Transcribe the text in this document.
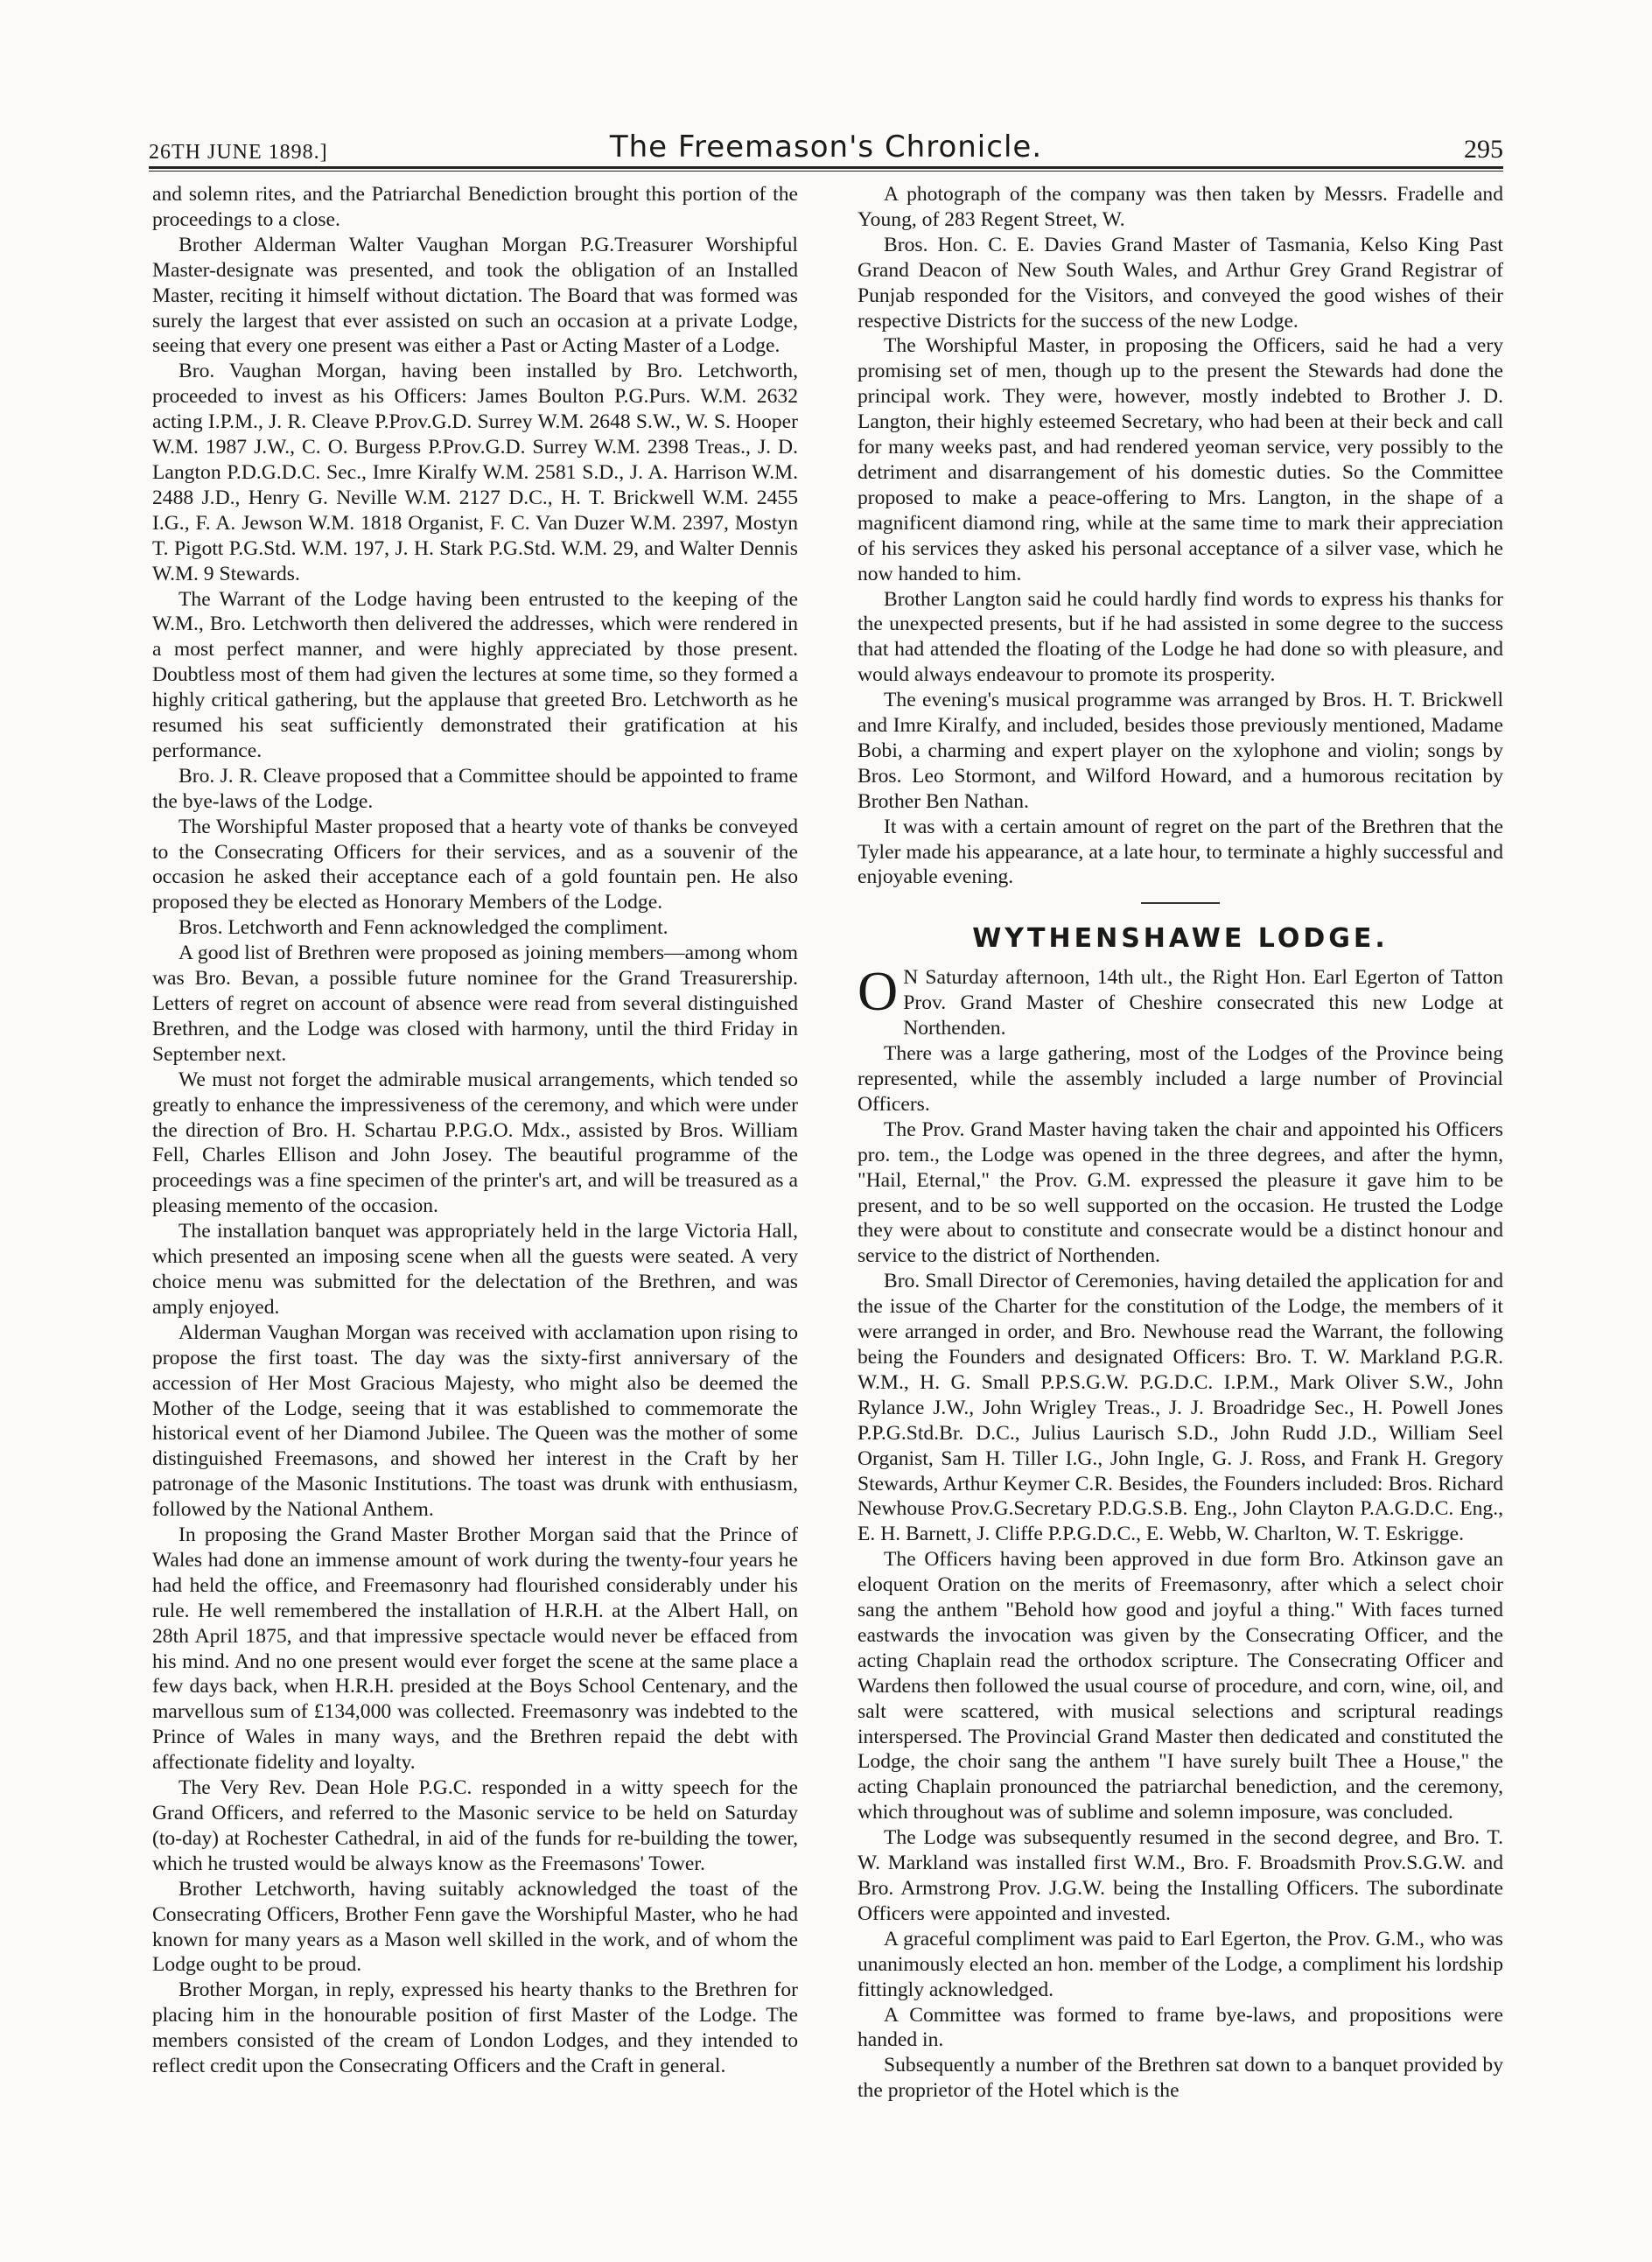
26TH JUNE 1898.]	The Freemason's Chronicle.	295

and solemn rites, and the Patriarchal Benediction brought this portion of the proceedings to a close.

Brother Alderman Walter Vaughan Morgan P.G.Treasurer Worshipful Master-designate was presented, and took the obligation of an Installed Master, reciting it himself without dictation. The Board that was formed was surely the largest that ever assisted on such an occasion at a private Lodge, seeing that every one present was either a Past or Acting Master of a Lodge.

Bro. Vaughan Morgan, having been installed by Bro. Letchworth, proceeded to invest as his Officers: James Boulton P.G.Purs. W.M. 2632 acting I.P.M., J. R. Cleave P.Prov.G.D. Surrey W.M. 2648 S.W., W. S. Hooper W.M. 1987 J.W., C. O. Burgess P.Prov.G.D. Surrey W.M. 2398 Treas., J. D. Langton P.D.G.D.C. Sec., Imre Kiralfy W.M. 2581 S.D., J. A. Harrison W.M. 2488 J.D., Henry G. Neville W.M. 2127 D.C., H. T. Brickwell W.M. 2455 I.G., F. A. Jewson W.M. 1818 Organist, F. C. Van Duzer W.M. 2397, Mostyn T. Pigott P.G.Std. W.M. 197, J. H. Stark P.G.Std. W.M. 29, and Walter Dennis W.M. 9 Stewards.

The Warrant of the Lodge having been entrusted to the keeping of the W.M., Bro. Letchworth then delivered the addresses, which were rendered in a most perfect manner, and were highly appreciated by those present. Doubtless most of them had given the lectures at some time, so they formed a highly critical gathering, but the applause that greeted Bro. Letchworth as he resumed his seat sufficiently demonstrated their gratification at his performance.

Bro. J. R. Cleave proposed that a Committee should be appointed to frame the bye-laws of the Lodge.

The Worshipful Master proposed that a hearty vote of thanks be conveyed to the Consecrating Officers for their services, and as a souvenir of the occasion he asked their acceptance each of a gold fountain pen. He also proposed they be elected as Honorary Members of the Lodge.

Bros. Letchworth and Fenn acknowledged the compliment.

A good list of Brethren were proposed as joining members—among whom was Bro. Bevan, a possible future nominee for the Grand Treasurership. Letters of regret on account of absence were read from several distinguished Brethren, and the Lodge was closed with harmony, until the third Friday in September next.

We must not forget the admirable musical arrangements, which tended so greatly to enhance the impressiveness of the ceremony, and which were under the direction of Bro. H. Schartau P.P.G.O. Mdx., assisted by Bros. William Fell, Charles Ellison and John Josey. The beautiful programme of the proceedings was a fine specimen of the printer's art, and will be treasured as a pleasing memento of the occasion.

The installation banquet was appropriately held in the large Victoria Hall, which presented an imposing scene when all the guests were seated. A very choice menu was submitted for the delectation of the Brethren, and was amply enjoyed.

Alderman Vaughan Morgan was received with acclamation upon rising to propose the first toast. The day was the sixty-first anniversary of the accession of Her Most Gracious Majesty, who might also be deemed the Mother of the Lodge, seeing that it was established to commemorate the historical event of her Diamond Jubilee. The Queen was the mother of some distinguished Freemasons, and showed her interest in the Craft by her patronage of the Masonic Institutions. The toast was drunk with enthusiasm, followed by the National Anthem.

In proposing the Grand Master Brother Morgan said that the Prince of Wales had done an immense amount of work during the twenty-four years he had held the office, and Freemasonry had flourished considerably under his rule. He well remembered the installation of H.R.H. at the Albert Hall, on 28th April 1875, and that impressive spectacle would never be effaced from his mind. And no one present would ever forget the scene at the same place a few days back, when H.R.H. presided at the Boys School Centenary, and the marvellous sum of £134,000 was collected. Freemasonry was indebted to the Prince of Wales in many ways, and the Brethren repaid the debt with affectionate fidelity and loyalty.

The Very Rev. Dean Hole P.G.C. responded in a witty speech for the Grand Officers, and referred to the Masonic service to be held on Saturday (to-day) at Rochester Cathedral, in aid of the funds for re-building the tower, which he trusted would be always know as the Freemasons' Tower.

Brother Letchworth, having suitably acknowledged the toast of the Consecrating Officers, Brother Fenn gave the Worshipful Master, who he had known for many years as a Mason well skilled in the work, and of whom the Lodge ought to be proud.

Brother Morgan, in reply, expressed his hearty thanks to the Brethren for placing him in the honourable position of first Master of the Lodge. The members consisted of the cream of London Lodges, and they intended to reflect credit upon the Consecrating Officers and the Craft in general.

A photograph of the company was then taken by Messrs. Fradelle and Young, of 283 Regent Street, W.

Bros. Hon. C. E. Davies Grand Master of Tasmania, Kelso King Past Grand Deacon of New South Wales, and Arthur Grey Grand Registrar of Punjab responded for the Visitors, and conveyed the good wishes of their respective Districts for the success of the new Lodge.

The Worshipful Master, in proposing the Officers, said he had a very promising set of men, though up to the present the Stewards had done the principal work. They were, however, mostly indebted to Brother J. D. Langton, their highly esteemed Secretary, who had been at their beck and call for many weeks past, and had rendered yeoman service, very possibly to the detriment and disarrangement of his domestic duties. So the Committee proposed to make a peace-offering to Mrs. Langton, in the shape of a magnificent diamond ring, while at the same time to mark their appreciation of his services they asked his personal acceptance of a silver vase, which he now handed to him.

Brother Langton said he could hardly find words to express his thanks for the unexpected presents, but if he had assisted in some degree to the success that had attended the floating of the Lodge he had done so with pleasure, and would always endeavour to promote its prosperity.

The evening's musical programme was arranged by Bros. H. T. Brickwell and Imre Kiralfy, and included, besides those previously mentioned, Madame Bobi, a charming and expert player on the xylophone and violin; songs by Bros. Leo Stormont, and Wilford Howard, and a humorous recitation by Brother Ben Nathan.

It was with a certain amount of regret on the part of the Brethren that the Tyler made his appearance, at a late hour, to terminate a highly successful and enjoyable evening.

WYTHENSHAWE LODGE.

O N Saturday afternoon, 14th ult., the Right Hon. Earl Egerton of Tatton Prov. Grand Master of Cheshire consecrated this new Lodge at Northenden.

There was a large gathering, most of the Lodges of the Province being represented, while the assembly included a large number of Provincial Officers.

The Prov. Grand Master having taken the chair and appointed his Officers pro. tem., the Lodge was opened in the three degrees, and after the hymn, "Hail, Eternal," the Prov. G.M. expressed the pleasure it gave him to be present, and to be so well supported on the occasion. He trusted the Lodge they were about to constitute and consecrate would be a distinct honour and service to the district of Northenden.

Bro. Small Director of Ceremonies, having detailed the application for and the issue of the Charter for the constitution of the Lodge, the members of it were arranged in order, and Bro. Newhouse read the Warrant, the following being the Founders and designated Officers: Bro. T. W. Markland P.G.R. W.M., H. G. Small P.P.S.G.W. P.G.D.C. I.P.M., Mark Oliver S.W., John Rylance J.W., John Wrigley Treas., J. J. Broadridge Sec., H. Powell Jones P.P.G.Std.Br. D.C., Julius Laurisch S.D., John Rudd J.D., William Seel Organist, Sam H. Tiller I.G., John Ingle, G. J. Ross, and Frank H. Gregory Stewards, Arthur Keymer C.R. Besides, the Founders included: Bros. Richard Newhouse Prov.G.Secretary P.D.G.S.B. Eng., John Clayton P.A.G.D.C. Eng., E. H. Barnett, J. Cliffe P.P.G.D.C., E. Webb, W. Charlton, W. T. Eskrigge.

The Officers having been approved in due form Bro. Atkinson gave an eloquent Oration on the merits of Freemasonry, after which a select choir sang the anthem "Behold how good and joyful a thing." With faces turned eastwards the invocation was given by the Consecrating Officer, and the acting Chaplain read the orthodox scripture. The Consecrating Officer and Wardens then followed the usual course of procedure, and corn, wine, oil, and salt were scattered, with musical selections and scriptural readings interspersed. The Provincial Grand Master then dedicated and constituted the Lodge, the choir sang the anthem "I have surely built Thee a House," the acting Chaplain pronounced the patriarchal benediction, and the ceremony, which throughout was of sublime and solemn imposure, was concluded.

The Lodge was subsequently resumed in the second degree, and Bro. T. W. Markland was installed first W.M., Bro. F. Broadsmith Prov.S.G.W. and Bro. Armstrong Prov. J.G.W. being the Installing Officers. The subordinate Officers were appointed and invested.

A graceful compliment was paid to Earl Egerton, the Prov. G.M., who was unanimously elected an hon. member of the Lodge, a compliment his lordship fittingly acknowledged.

A Committee was formed to frame bye-laws, and propositions were handed in.

Subsequently a number of the Brethren sat down to a banquet provided by the proprietor of the Hotel which is the
